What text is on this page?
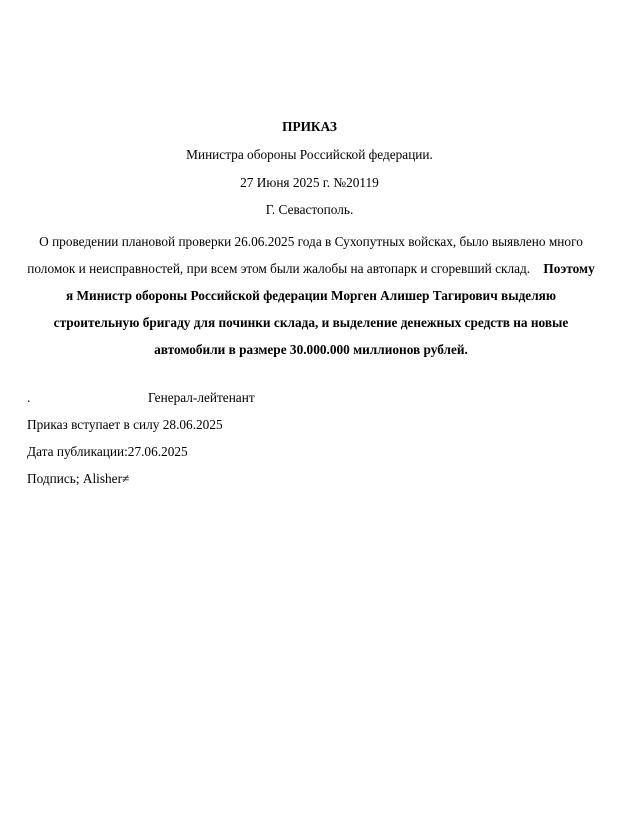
ПРИКАЗ
Министра обороны Российской федерации.
27 Июня 2025 г. №20119
Г. Севастополь.
О проведении плановой проверки 26.06.2025 года в Сухопутных войсках, было выявлено много поломок и неисправностей, при всем этом были жалобы на автопарк и сгоревший склад. Поэтому я Министр обороны Российской федерации Морген Алишер Тагирович выделяю строительную бригаду для починки склада, и выделение денежных средств на новые автомобили в размере 30.000.000 миллионов рублей.
.	Генерал-лейтенант
Приказ вступает в силу 28.06.2025
Дата публикации:27.06.2025
Подпись; Alisher≠
